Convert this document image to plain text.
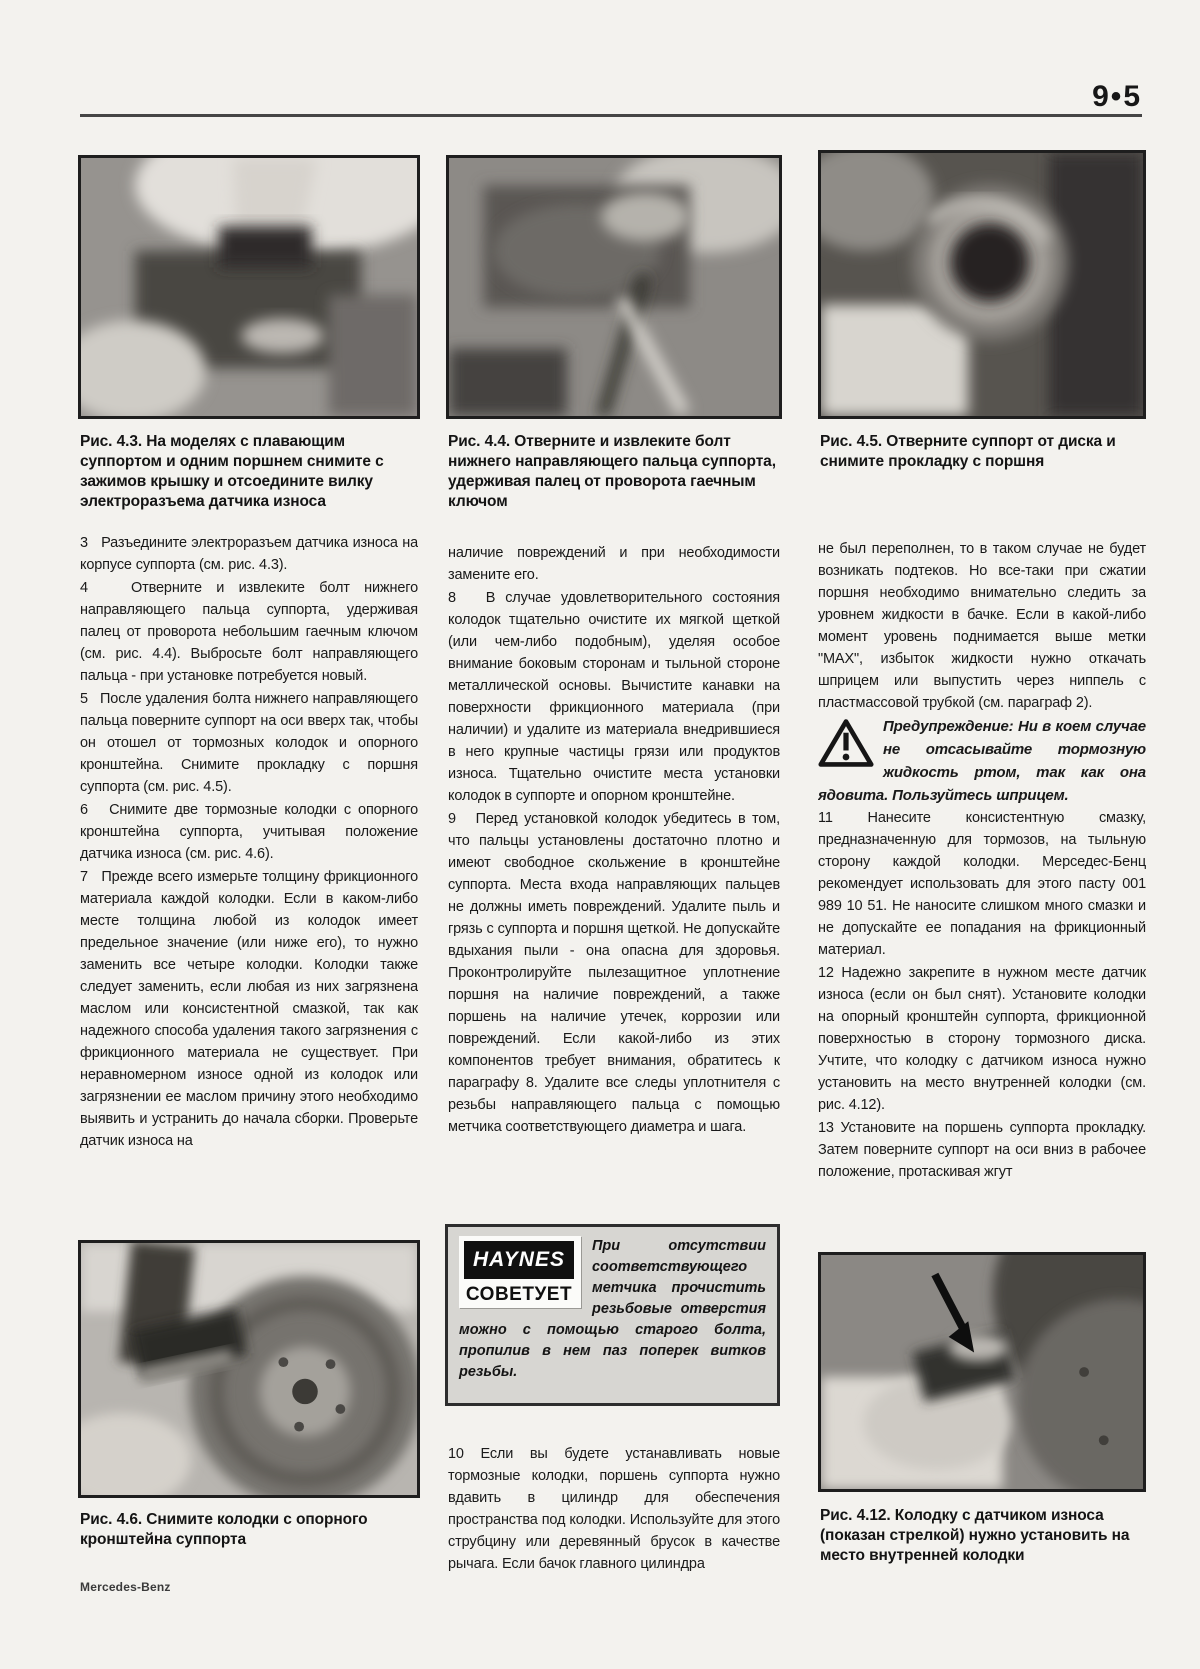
9•5
Рис. 4.3. На моделях с плавающим суппортом и одним поршнем снимите с зажимов крышку и отсоедините вилку электроразъема датчика износа
Рис. 4.4. Отверните и извлеките болт нижнего направляющего пальца суппорта, удерживая палец от проворота гаечным ключом
Рис. 4.5. Отверните суппорт от диска и снимите прокладку с поршня

3   Разъедините электроразъем датчика износа на корпусе суппорта (см. рис. 4.3).

4   Отверните и извлеките болт нижнего направляющего пальца суппорта, удерживая палец от проворота небольшим гаечным ключом (см. рис. 4.4). Выбросьте болт направляющего пальца - при установке потребуется новый.

5   После удаления болта нижнего направляющего пальца поверните суппорт на оси вверх так, чтобы он отошел от тормозных колодок и опорного кронштейна. Снимите прокладку с поршня суппорта (см. рис. 4.5).

6   Снимите две тормозные колодки с опорного кронштейна суппорта, учитывая положение датчика износа (см. рис. 4.6).

7   Прежде всего измерьте толщину фрикционного материала каждой колодки. Если в каком-либо месте толщина любой из колодок имеет предельное значение (или ниже его), то нужно заменить все четыре колодки. Колодки также следует заменить, если любая из них загрязнена маслом или консистентной смазкой, так как надежного способа удаления такого загрязнения с фрикционного материала не существует. При неравномерном износе одной из колодок или загрязнении ее маслом причину этого необходимо выявить и устранить до начала сборки. Проверьте датчик износа на

наличие повреждений и при необходимости замените его.

8   В случае удовлетворительного состояния колодок тщательно очистите их мягкой щеткой (или чем-либо подобным), уделяя особое внимание боковым сторонам и тыльной стороне металлической основы. Вычистите канавки на поверхности фрикционного материала (при наличии) и удалите из материала внедрившиеся в него крупные частицы грязи или продуктов износа. Тщательно очистите места установки колодок в суппорте и опорном кронштейне.

9   Перед установкой колодок убедитесь в том, что пальцы установлены достаточно плотно и имеют свободное скольжение в кронштейне суппорта. Места входа направляющих пальцев не должны иметь повреждений. Удалите пыль и грязь с суппорта и поршня щеткой. Не допускайте вдыхания пыли - она опасна для здоровья. Проконтролируйте пылезащитное уплотнение поршня на наличие повреждений, а также поршень на наличие утечек, коррозии или повреждений. Если какой-либо из этих компонентов требует внимания, обратитесь к параграфу 8. Удалите все следы уплотнителя с резьбы направляющего пальца с помощью метчика соответствующего диаметра и шага.

не был переполнен, то в таком случае не будет возникать подтеков. Но все-таки при сжатии поршня необходимо внимательно следить за уровнем жидкости в бачке. Если в какой-либо момент уровень поднимается выше метки "MAX", избыток жидкости нужно откачать шприцем или выпустить через ниппель с пластмассовой трубкой (см. параграф 2).

Предупреждение: Ни в коем случае не отсасывайте тормозную жидкость ртом, так как она ядовита. Пользуйтесь шприцем.

11 Нанесите консистентную смазку, предназначенную для тормозов, на тыльную сторону каждой колодки. Мерседес-Бенц рекомендует использовать для этого пасту 001 989 10 51. Не наносите слишком много смазки и не допускайте ее попадания на фрикционный материал.

12 Надежно закрепите в нужном месте датчик износа (если он был снят). Установите колодки на опорный кронштейн суппорта, фрикционной поверхностью в сторону тормозного диска. Учтите, что колодку с датчиком износа нужно установить на место внутренней колодки (см. рис. 4.12).

13 Установите на поршень суппорта прокладку. Затем поверните суппорт на оси вниз в рабочее положение, протаскивая жгут

HAYNES
СОВЕТУЕТ
При отсутствии соответствующего метчика прочистить резьбовые отверстия можно с помощью старого болта, пропилив в нем паз поперек витков резьбы.

10 Если вы будете устанавливать новые тормозные колодки, поршень суппорта нужно вдавить в цилиндр для обеспечения пространства под колодки. Используйте для этого струбцину или деревянный брусок в качестве рычага. Если бачок главного цилиндра

Рис. 4.6. Снимите колодки с опорного кронштейна суппорта
Рис. 4.12. Колодку с датчиком износа (показан стрелкой) нужно установить на место внутренней колодки
Mercedes-Benz
